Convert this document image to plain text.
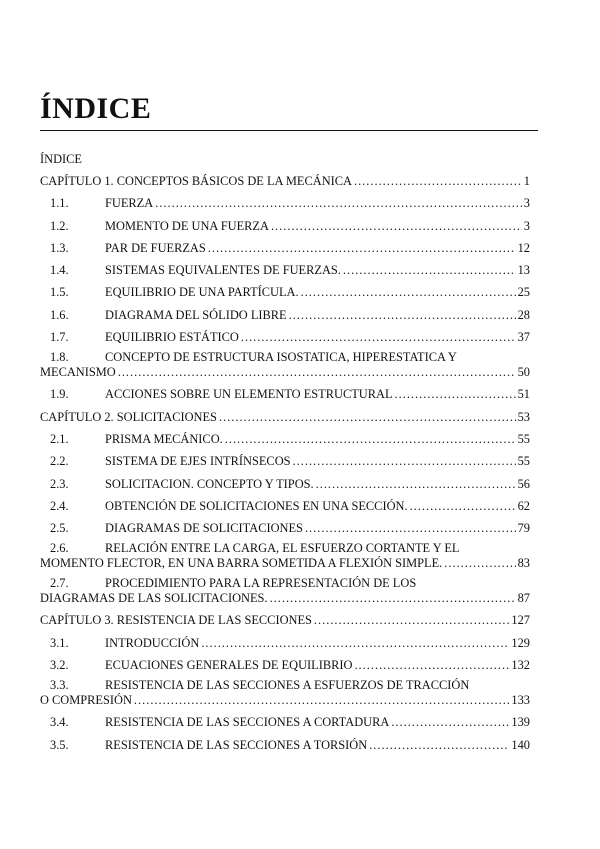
ÍNDICE
ÍNDICE
CAPÍTULO 1. CONCEPTOS BÁSICOS DE LA MECÁNICA .....	1
1.1.	FUERZA .....	3
1.2.	MOMENTO DE UNA FUERZA .....	3
1.3.	PAR DE FUERZAS .....	12
1.4.	SISTEMAS EQUIVALENTES DE FUERZAS. .....	13
1.5.	EQUILIBRIO DE UNA PARTÍCULA. .....	25
1.6.	DIAGRAMA DEL SÓLIDO LIBRE .....	28
1.7.	EQUILIBRIO ESTÁTICO .....	37
1.8.	CONCEPTO DE ESTRUCTURA ISOSTATICA, HIPERESTATICA Y
MECANISMO .....	50
1.9.	ACCIONES SOBRE UN ELEMENTO ESTRUCTURAL .....	51
CAPÍTULO 2. SOLICITACIONES .....	53
2.1.	PRISMA MECÁNICO. .....	55
2.2.	SISTEMA DE EJES INTRÍNSECOS .....	55
2.3.	SOLICITACION. CONCEPTO Y TIPOS. .....	56
2.4.	OBTENCIÓN DE SOLICITACIONES EN UNA SECCIÓN. .....	62
2.5.	DIAGRAMAS DE SOLICITACIONES .....	79
2.6.	RELACIÓN ENTRE LA CARGA, EL ESFUERZO CORTANTE Y EL
MOMENTO FLECTOR, EN UNA BARRA SOMETIDA A FLEXIÓN SIMPLE. .....	83
2.7.	PROCEDIMIENTO PARA LA REPRESENTACIÓN DE LOS
DIAGRAMAS DE LAS SOLICITACIONES. .....	87
CAPÍTULO 3. RESISTENCIA DE LAS SECCIONES .....	127
3.1.	INTRODUCCIÓN .....	129
3.2.	ECUACIONES GENERALES DE EQUILIBRIO .....	132
3.3.	RESISTENCIA DE LAS SECCIONES A ESFUERZOS DE TRACCIÓN
O COMPRESIÓN .....	133
3.4.	RESISTENCIA DE LAS SECCIONES A CORTADURA .....	139
3.5.	RESISTENCIA DE LAS SECCIONES A TORSIÓN .....	140
